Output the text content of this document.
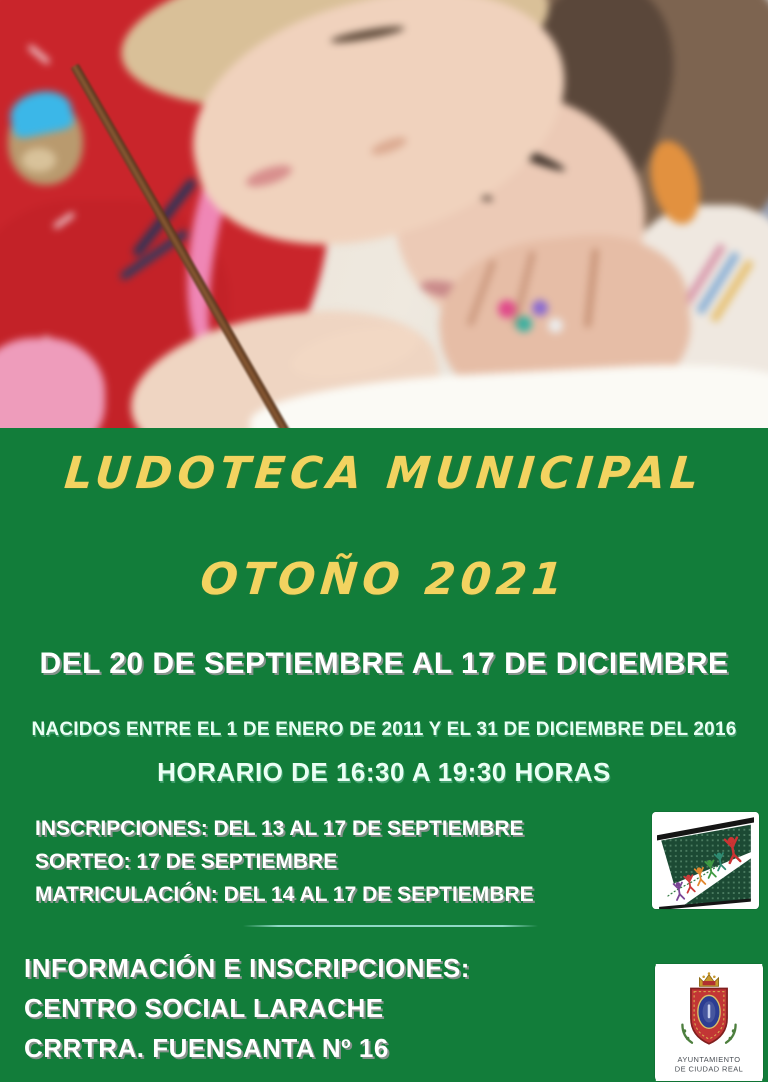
LUDOTECA MUNICIPAL
OTOÑO 2021
DEL 20 DE SEPTIEMBRE AL 17 DE DICIEMBRE
NACIDOS ENTRE EL 1 DE ENERO DE 2011 Y EL 31 DE DICIEMBRE DEL 2016
HORARIO DE 16:30 A 19:30 HORAS
INSCRIPCIONES: DEL 13 AL 17 DE SEPTIEMBRE
SORTEO: 17 DE SEPTIEMBRE
MATRICULACIÓN: DEL 14 AL 17 DE SEPTIEMBRE
INFORMACIÓN E INSCRIPCIONES:
CENTRO SOCIAL LARACHE
CRRTRA. FUENSANTA Nº 16	AYUNTAMIENTO
DE CIUDAD REAL
